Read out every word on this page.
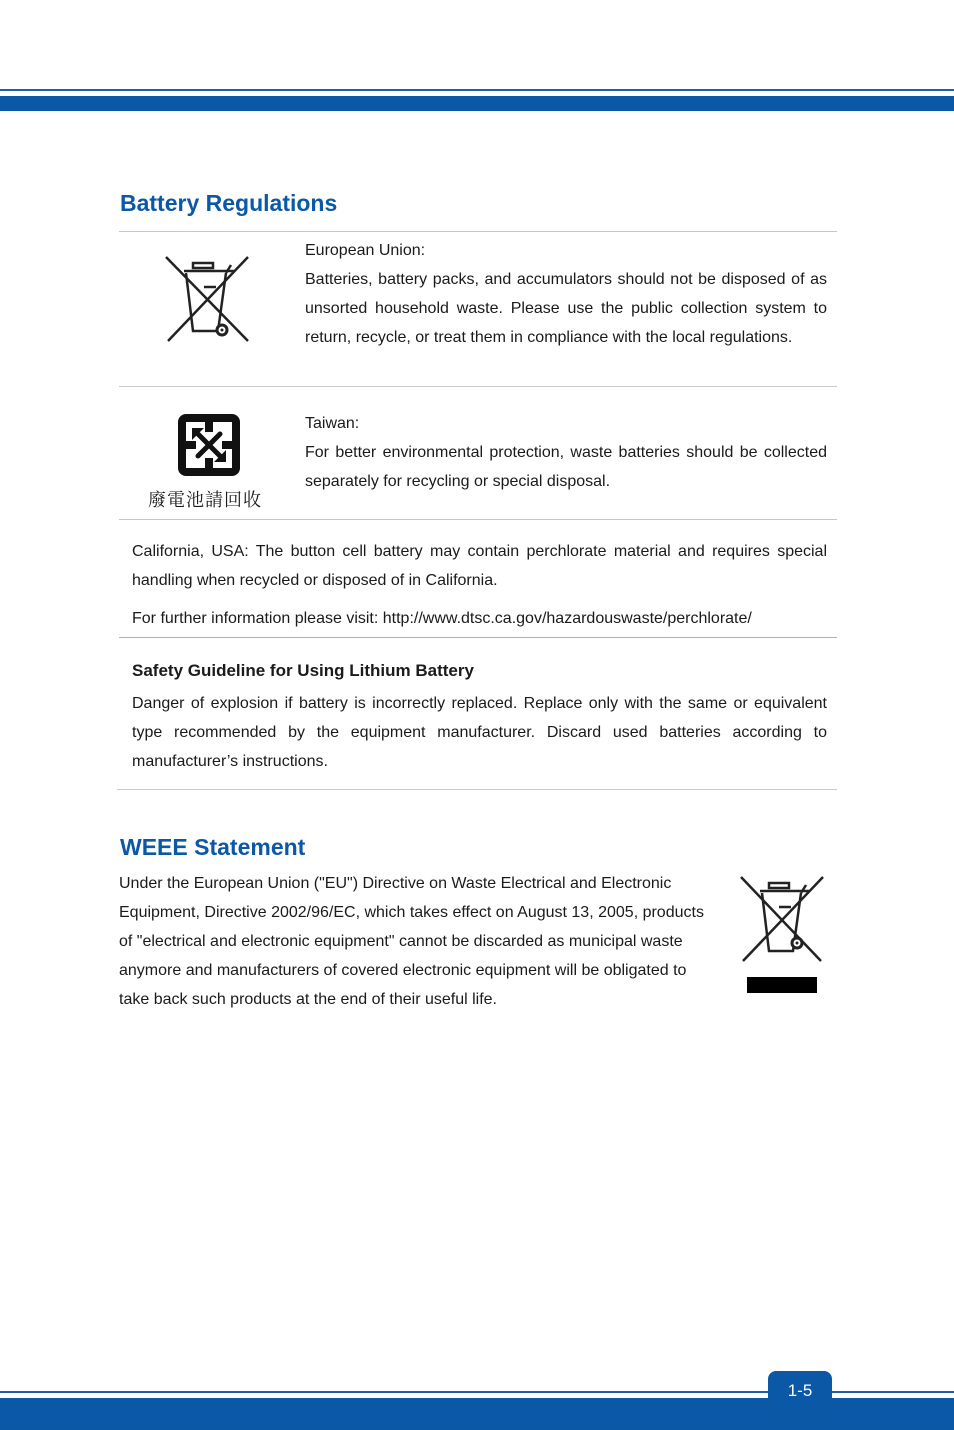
Battery Regulations

European Union:

Batteries, battery packs, and accumulators should not be disposed of as unsorted household waste. Please use the public collection system to return, recycle, or treat them in compliance with the local regulations.

廢電池請回收

Taiwan:

For better environmental protection, waste batteries should be collected separately for recycling or special disposal.

California, USA: The button cell battery may contain perchlorate material and requires special handling when recycled or disposed of in California.

For further information please visit: http://www.dtsc.ca.gov/hazardouswaste/perchlorate/

Safety Guideline for Using Lithium Battery

Danger of explosion if battery is incorrectly replaced. Replace only with the same or equivalent type recommended by the equipment manufacturer. Discard used batteries according to manufacturer’s instructions.

WEEE Statement

Under the European Union ("EU") Directive on Waste Electrical and Electronic Equipment, Directive 2002/96/EC, which takes effect on August 13, 2005, products of "electrical and electronic equipment" cannot be discarded as municipal waste anymore and manufacturers of covered electronic equipment will be obligated to take back such products at the end of their useful life.

1-5
